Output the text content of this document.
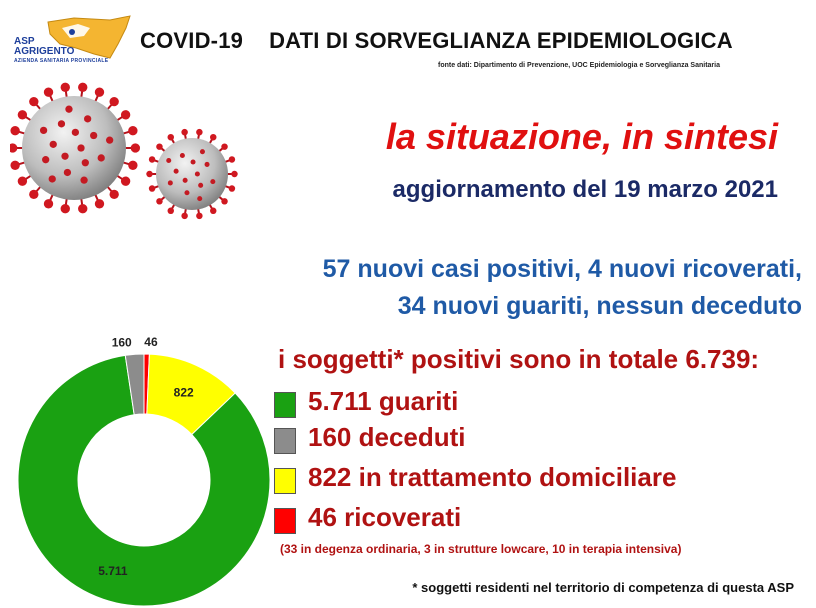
ASP
AGRIGENTO
AZIENDA SANITARIA PROVINCIALE
COVID-19 DATI DI SORVEGLIANZA EPIDEMIOLOGICA
fonte dati: Dipartimento di Prevenzione, UOC Epidemiologia e Sorveglianza Sanitaria
la situazione, in sintesi
aggiornamento del 19 marzo 2021
57 nuovi casi positivi, 4 nuovi ricoverati,
34 nuovi guariti, nessun deceduto
i soggetti* positivi sono in totale 6.739:
5.711 guariti
160 deceduti
822 in trattamento domiciliare
46 ricoverati
(33 in degenza ordinaria, 3 in strutture lowcare, 10 in terapia intensiva)
* soggetti residenti nel territorio di competenza di questa ASP
46
822
5.711
160
